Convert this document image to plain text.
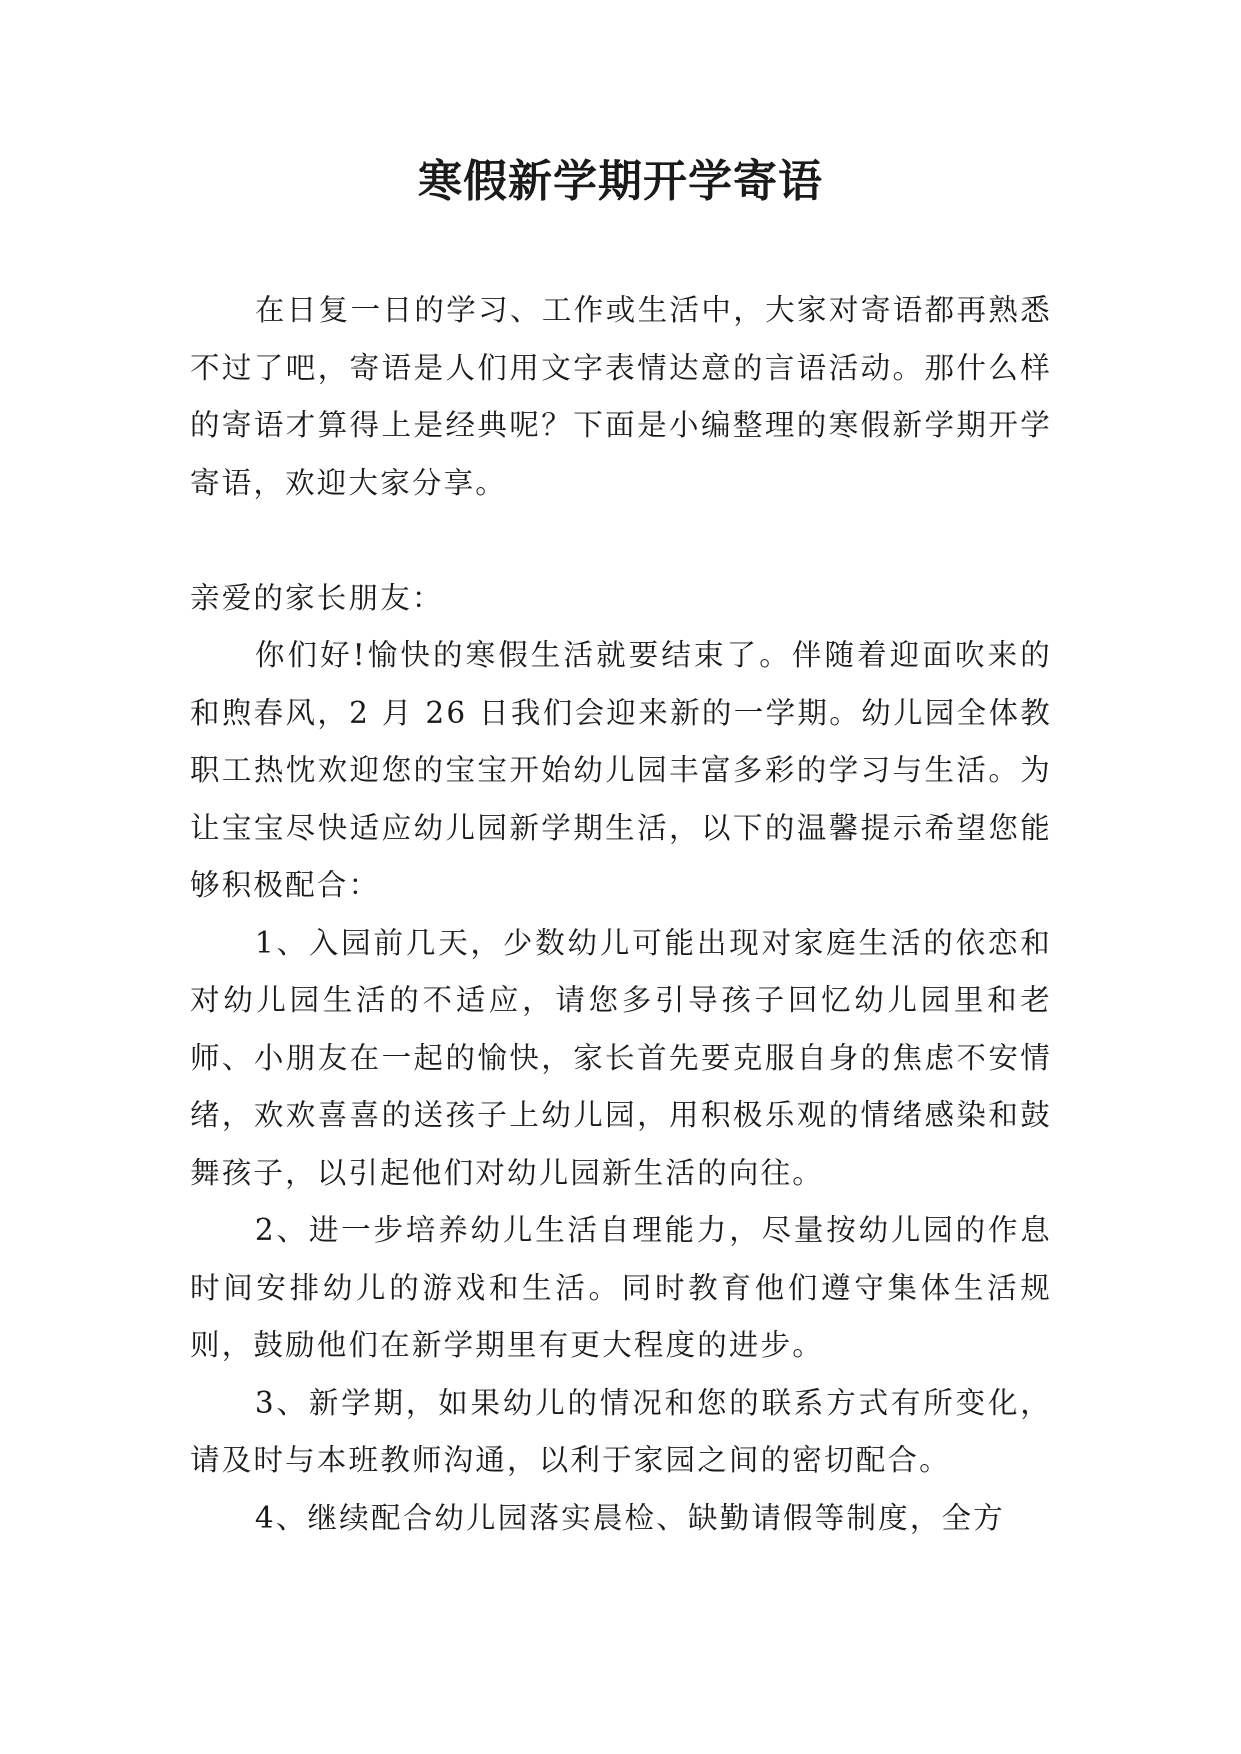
寒假新学期开学寄语

在日复一日的学习、工作或生活中，大家对寄语都再熟悉不过了吧，寄语是人们用文字表情达意的言语活动。那什么样的寄语才算得上是经典呢？下面是小编整理的寒假新学期开学寄语，欢迎大家分享。

亲爱的家长朋友：

你们好!愉快的寒假生活就要结束了。伴随着迎面吹来的和煦春风，2 月 26 日我们会迎来新的一学期。幼儿园全体教职工热忱欢迎您的宝宝开始幼儿园丰富多彩的学习与生活。为让宝宝尽快适应幼儿园新学期生活，以下的温馨提示希望您能够积极配合：

1、入园前几天，少数幼儿可能出现对家庭生活的依恋和对幼儿园生活的不适应，请您多引导孩子回忆幼儿园里和老师、小朋友在一起的愉快，家长首先要克服自身的焦虑不安情绪，欢欢喜喜的送孩子上幼儿园，用积极乐观的情绪感染和鼓舞孩子，以引起他们对幼儿园新生活的向往。

2、进一步培养幼儿生活自理能力，尽量按幼儿园的作息时间安排幼儿的游戏和生活。同时教育他们遵守集体生活规则，鼓励他们在新学期里有更大程度的进步。

3、新学期，如果幼儿的情况和您的联系方式有所变化，请及时与本班教师沟通，以利于家园之间的密切配合。

4、继续配合幼儿园落实晨检、缺勤请假等制度，全方
